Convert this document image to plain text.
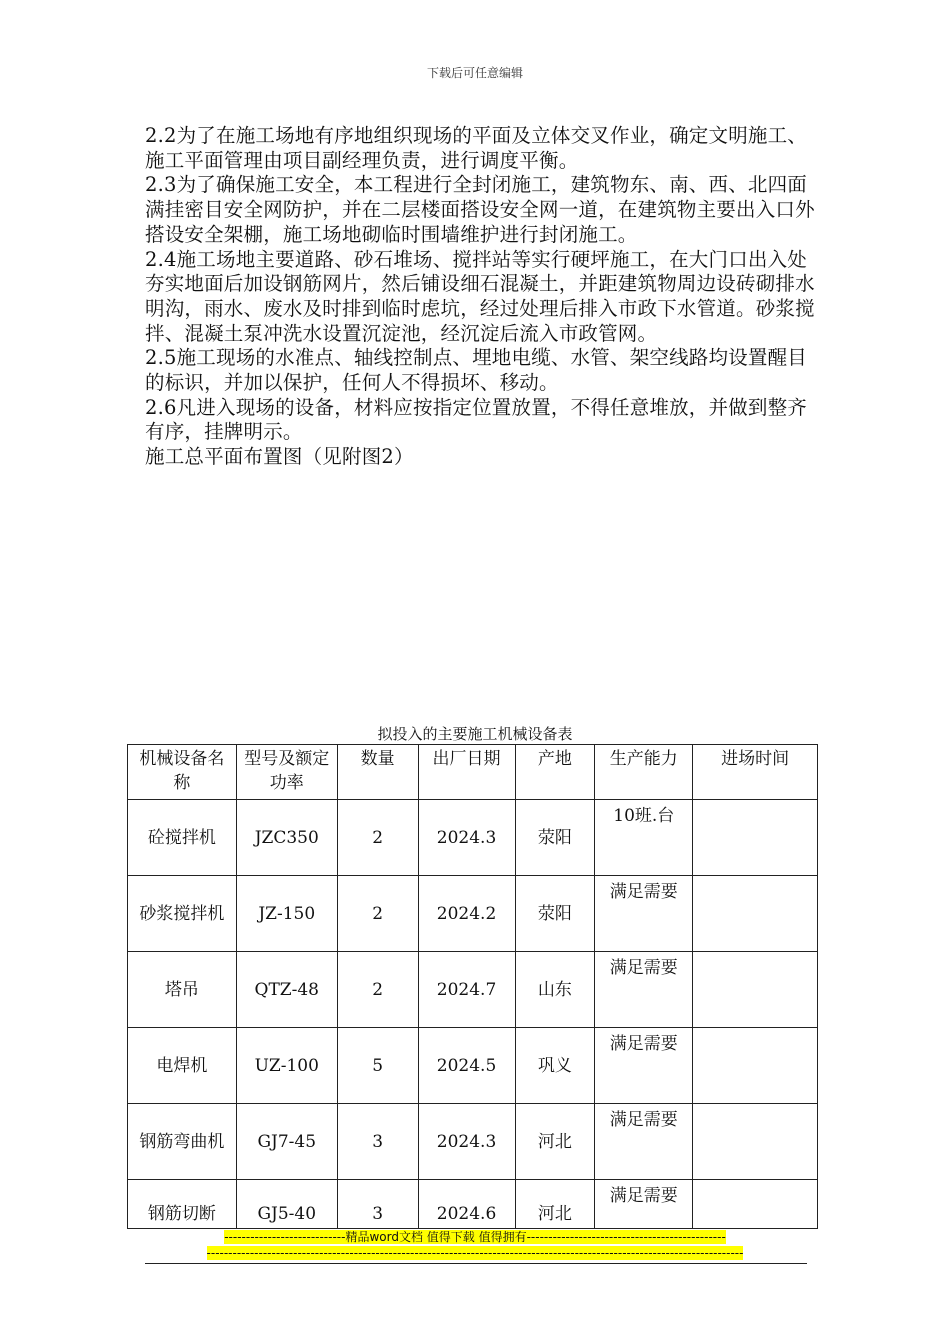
下载后可任意编辑

2.2为了在施工场地有序地组织现场的平面及立体交叉作业，确定文明施工、施工平面管理由项目副经理负责，进行调度平衡。

2.3为了确保施工安全，本工程进行全封闭施工，建筑物东、南、西、北四面满挂密目安全网防护，并在二层楼面搭设安全网一道，在建筑物主要出入口外搭设安全架棚，施工场地砌临时围墙维护进行封闭施工。

2.4施工场地主要道路、砂石堆场、搅拌站等实行硬坪施工，在大门口出入处夯实地面后加设钢筋网片，然后铺设细石混凝土，并距建筑物周边设砖砌排水明沟，雨水、废水及时排到临时虑坑，经过处理后排入市政下水管道。砂浆搅拌、混凝土泵冲洗水设置沉淀池，经沉淀后流入市政管网。

2.5施工现场的水准点、轴线控制点、埋地电缆、水管、架空线路均设置醒目的标识，并加以保护，任何人不得损坏、移动。

2.6凡进入现场的设备，材料应按指定位置放置，不得任意堆放，并做到整齐有序，挂牌明示。

施工总平面布置图（见附图2）

拟投入的主要施工机械设备表
机械设备名称	型号及额定功率	数量	出厂日期	产地	生产能力	进场时间
砼搅拌机	JZC350	2	2024.3	荥阳	10班.台	
砂浆搅拌机	JZ-150	2	2024.2	荥阳	满足需要	
塔吊	QTZ-48	2	2024.7	山东	满足需要	
电焊机	UZ-100	5	2024.5	巩义	满足需要	
钢筋弯曲机	GJ7-45	3	2024.3	河北	满足需要	
钢筋切断	GJ5-40	3	2024.6	河北	满足需要	
----------------------------精品word文档 值得下载 值得拥有----------------------------------------------
----------------------------------------------------------------------------------------------------------------------------
